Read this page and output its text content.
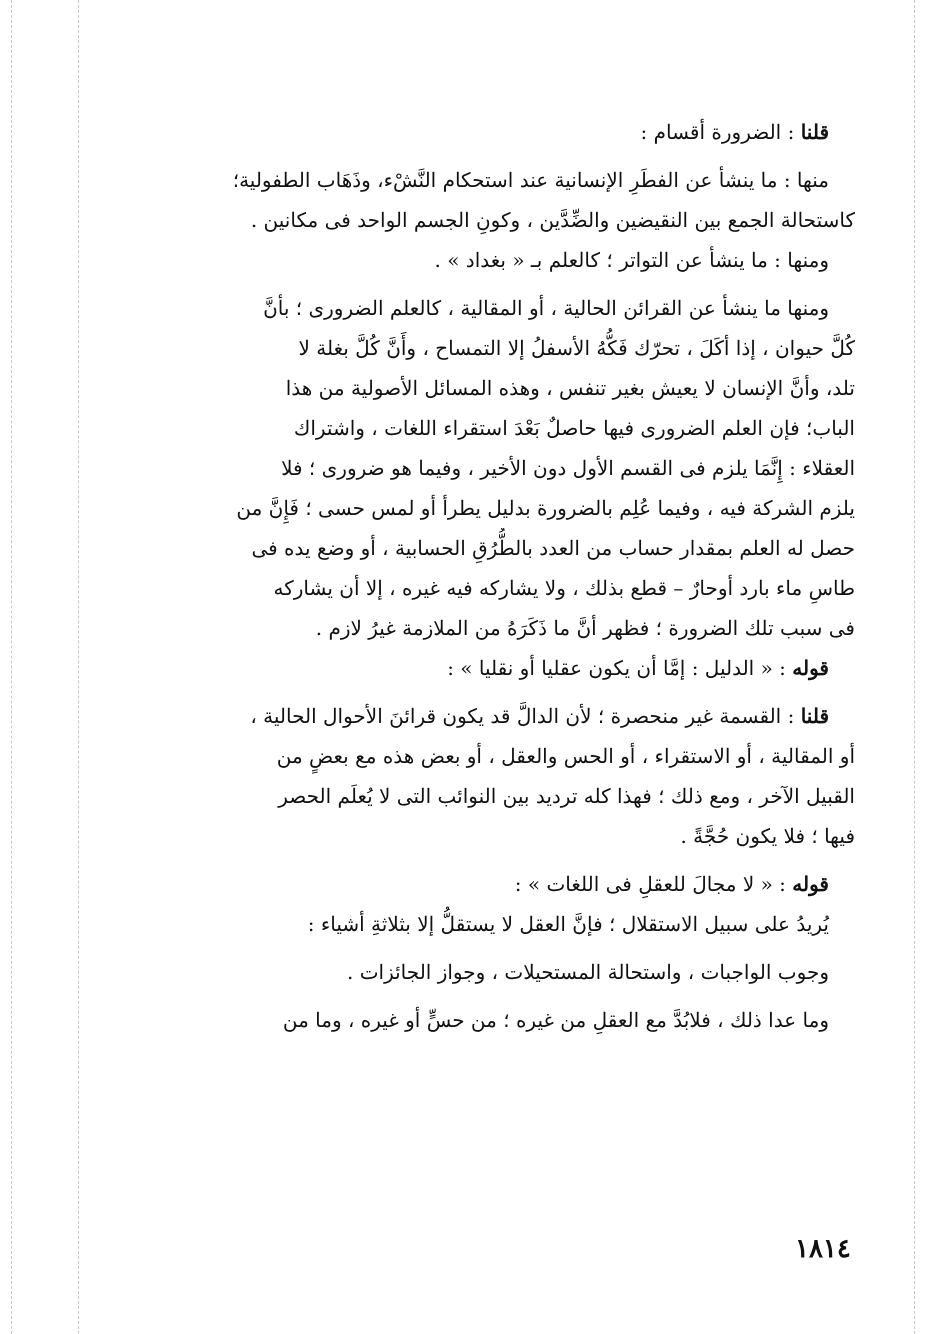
قلنا : الضرورة أقسام :
منها : ما ينشأ عن الفطَرِ الإنسانية عند استحكام النَّشْء، وذَهَاب الطفولية؛
كاستحالة الجمع بين النقيضين والضِّدَّين ، وكونِ الجسم الواحد فى مكانين .
ومنها : ما ينشأ عن التواتر ؛ كالعلم بـ « بغداد » .
ومنها ما ينشأ عن القرائن الحالية ، أو المقالية ، كالعلم الضرورى ؛ بأنَّ
كُلَّ حيوان ، إذا أكَلَ ، تحرّك فَكُّهُ الأسفلُ إلا التمساح ، وأَنَّ كُلَّ بغلة لا
تلد، وأنَّ الإنسان لا يعيش بغير تنفس ، وهذه المسائل الأصولية من هذا
الباب؛ فإن العلم الضرورى فيها حاصلٌ بَعْدَ استقراء اللغات ، واشتراك
العقلاء : إِنَّمَا يلزم فى القسم الأول دون الأخير ، وفيما هو ضرورى ؛ فلا
يلزم الشركة فيه ، وفيما عُلِم بالضرورة بدليل يطرأ أو لمس حسى ؛ فَإِنَّ من
حصل له العلم بمقدار حساب من العدد بالطُّرُقِ الحسابية ، أو وضع يده فى
طاسِ ماء بارد أوحارٌ – قطع بذلك ، ولا يشاركه فيه غيره ، إلا أن يشاركه
فى سبب تلك الضرورة ؛ فظهر أنَّ ما ذَكَرَهُ من الملازمة غيرُ لازم .
قوله : « الدليل : إمَّا أن يكون عقليا أو نقليا » :
قلنا : القسمة غير منحصرة ؛ لأن الدالَّ قد يكون قرائنَ الأحوال الحالية ،
أو المقالية ، أو الاستقراء ، أو الحس والعقل ، أو بعض هذه مع بعضٍ من
القبيل الآخر ، ومع ذلك ؛ فهذا كله ترديد بين النوائب التى لا يُعلَم الحصر
فيها ؛ فلا يكون حُجَّةً .
قوله : « لا مجالَ للعقلِ فى اللغات » :
يُريدُ على سبيل الاستقلال ؛ فإنَّ العقل لا يستقلُّ إلا بثلاثةِ أشياء :
وجوب الواجبات ، واستحالة المستحيلات ، وجواز الجائزات .
وما عدا ذلك ، فلابُدَّ مع العقلِ من غيره ؛ من حسٍّ أو غيره ، وما من
١٨١٤
